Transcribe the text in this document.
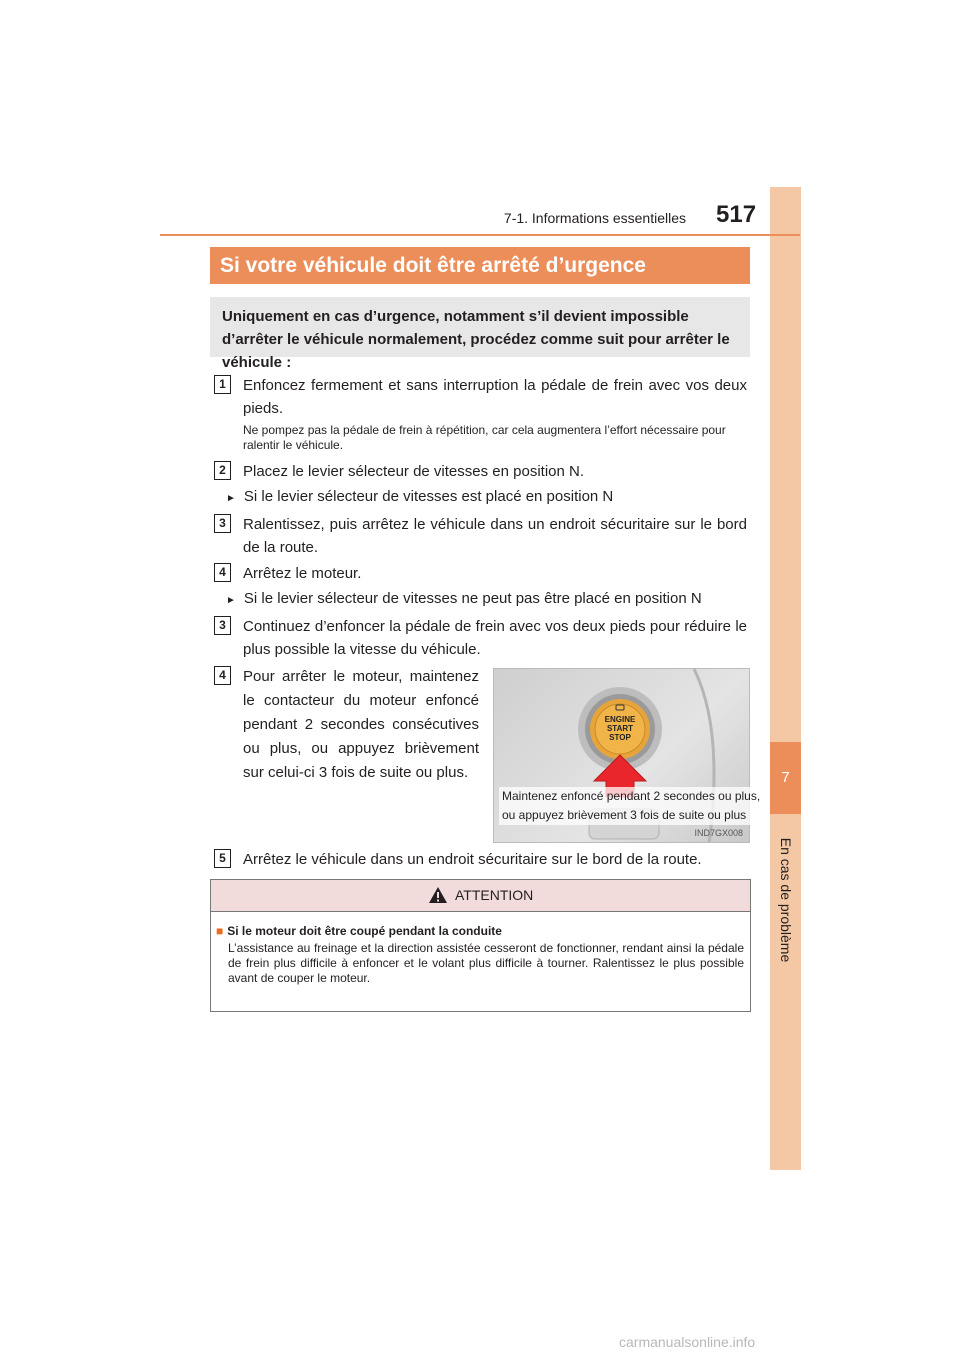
7
En cas de problème
7-1. Informations essentielles 517
Si votre véhicule doit être arrêté d’urgence
Uniquement en cas d’urgence, notamment s’il devient impossible d’arrêter le véhicule normalement, procédez comme suit pour arrêter le véhicule :
1	Enfoncez fermement et sans interruption la pédale de frein avec vos deux pieds.
Ne pompez pas la pédale de frein à répétition, car cela augmentera l’effort nécessaire pour ralentir le véhicule.
2	Placez le levier sélecteur de vitesses en position N.
► Si le levier sélecteur de vitesses est placé en position N
3	Ralentissez, puis arrêtez le véhicule dans un endroit sécuritaire sur le bord de la route.
4	Arrêtez le moteur.
► Si le levier sélecteur de vitesses ne peut pas être placé en position N
3	Continuez d’enfoncer la pédale de frein avec vos deux pieds pour réduire le plus possible la vitesse du véhicule.
4	Pour arrêter le moteur, maintenez le contacteur du moteur enfoncé pendant 2 secondes consécutives ou plus, ou appuyez brièvement sur celui-ci 3 fois de suite ou plus.
ENGINE
START
STOP
IND7GX008
Maintenez enfoncé pendant 2 secondes ou plus,
ou appuyez brièvement 3 fois de suite ou plus
5	Arrêtez le véhicule dans un endroit sécuritaire sur le bord de la route.
ATTENTION
■ Si le moteur doit être coupé pendant la conduite
L’assistance au freinage et la direction assistée cesseront de fonctionner, rendant ainsi la pédale de frein plus difficile à enfoncer et le volant plus difficile à tourner. Ralentissez le plus possible avant de couper le moteur.
carmanualsonline.info
